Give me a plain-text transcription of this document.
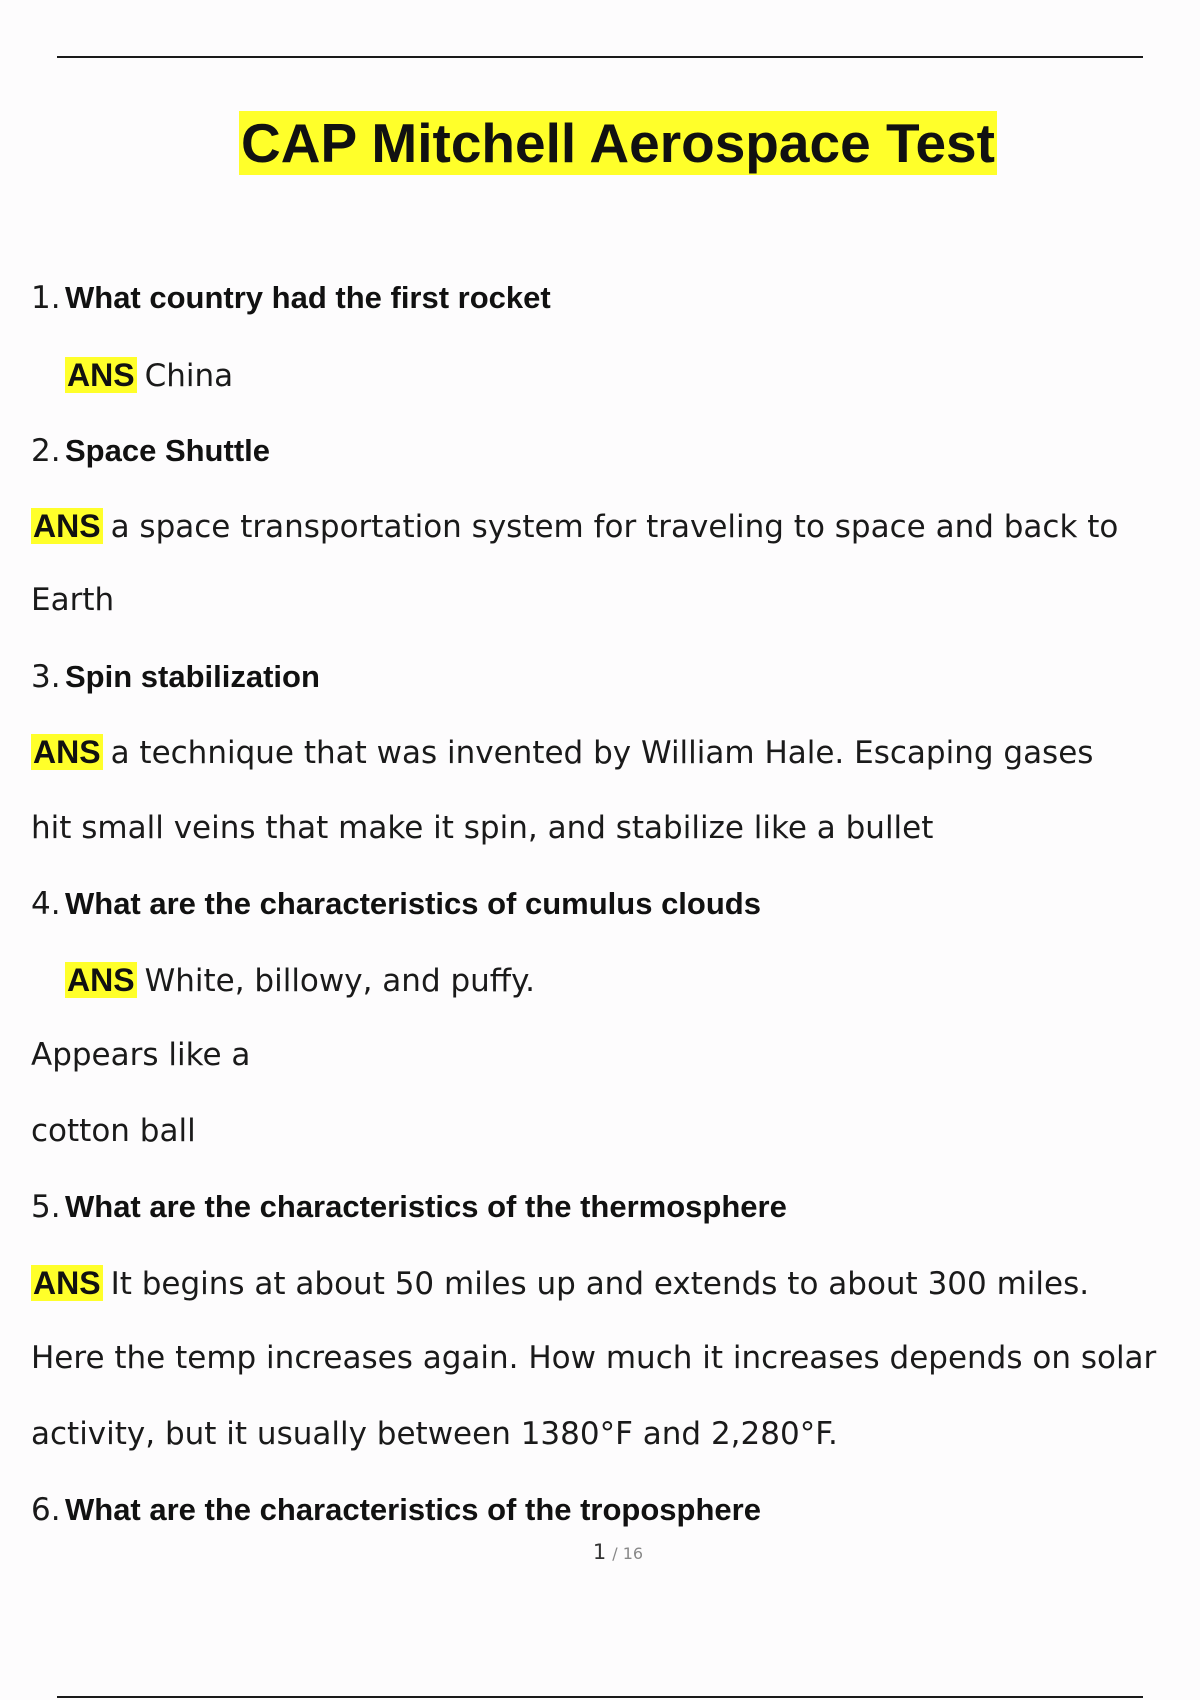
CAP Mitchell Aerospace Test
1. What country had the first rocket
ANS China
2. Space Shuttle
ANS a space transportation system for traveling to space and back to
Earth
3. Spin stabilization
ANS a technique that was invented by William Hale. Escaping gases
hit small veins that make it spin, and stabilize like a bullet
4. What are the characteristics of cumulus clouds
ANS White, billowy, and puffy.
Appears like a
cotton ball
5. What are the characteristics of the thermosphere
ANS It begins at about 50 miles up and extends to about 300 miles.
Here the temp increases again. How much it increases depends on solar
activity, but it usually between 1380°F and 2,280°F.
6. What are the characteristics of the troposphere
1 / 16
